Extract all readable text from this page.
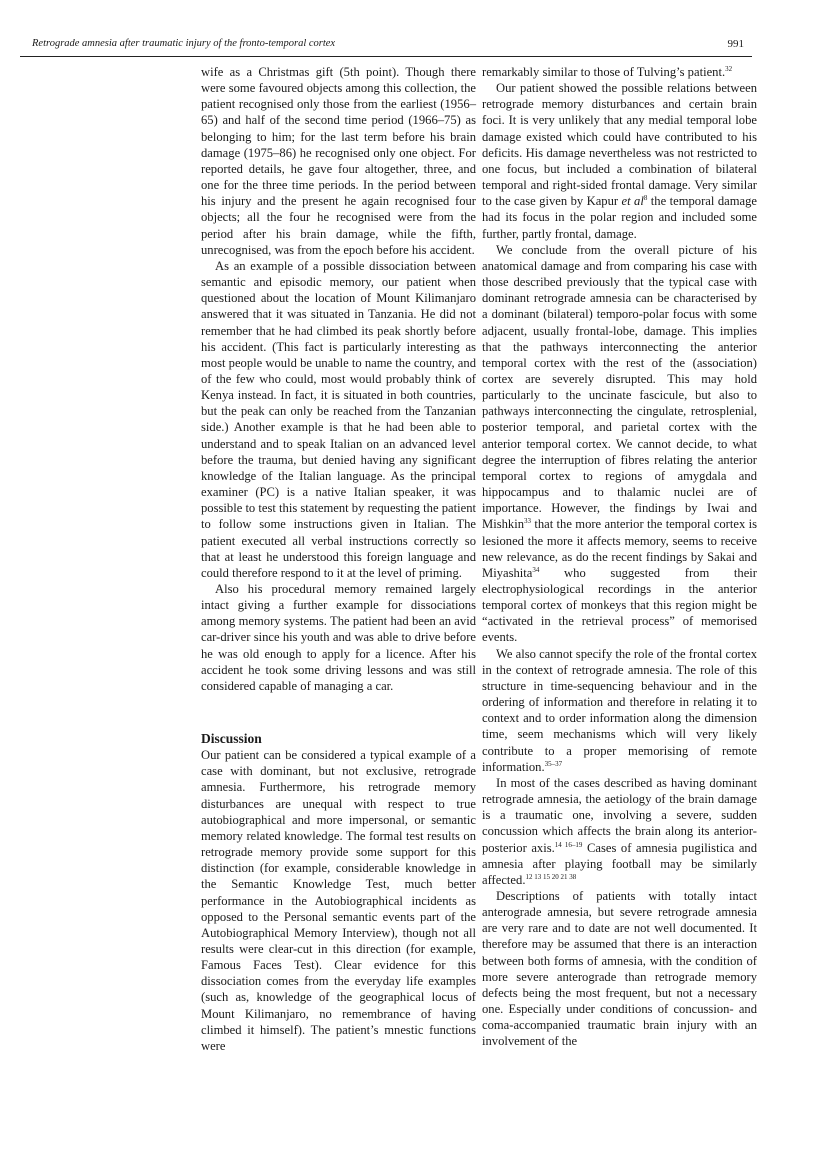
Retrograde amnesia after traumatic injury of the fronto-temporal cortex	991

wife as a Christmas gift (5th point). Though there were some favoured objects among this collection, the patient recognised only those from the earliest (1956–65) and half of the second time period (1966–75) as belonging to him; for the last term before his brain damage (1975–86) he recognised only one object. For reported details, he gave four altogether, three, and one for the three time periods. In the period between his injury and the present he again recognised four objects; all the four he recognised were from the period after his brain damage, while the fifth, unrecognised, was from the epoch before his accident.

As an example of a possible dissociation between semantic and episodic memory, our patient when questioned about the location of Mount Kilimanjaro answered that it was situated in Tanzania. He did not remember that he had climbed its peak shortly before his accident. (This fact is particularly interesting as most people would be unable to name the country, and of the few who could, most would probably think of Kenya instead. In fact, it is situated in both countries, but the peak can only be reached from the Tanzanian side.) Another example is that he had been able to understand and to speak Italian on an advanced level before the trauma, but denied having any significant knowledge of the Italian language. As the principal examiner (PC) is a native Italian speaker, it was possible to test this statement by requesting the patient to follow some instructions given in Italian. The patient executed all verbal instructions correctly so that at least he understood this foreign language and could therefore respond to it at the level of priming.

Also his procedural memory remained largely intact giving a further example for dissociations among memory systems. The patient had been an avid car-driver since his youth and was able to drive before he was old enough to apply for a licence. After his accident he took some driving lessons and was still considered capable of managing a car.

Discussion

Our patient can be considered a typical example of a case with dominant, but not exclusive, retrograde amnesia. Furthermore, his retrograde memory disturbances are unequal with respect to true autobiographical and more impersonal, or semantic memory related knowledge. The formal test results on retrograde memory provide some support for this distinction (for example, considerable knowledge in the Semantic Knowledge Test, much better performance in the Autobiographical incidents as opposed to the Personal semantic events part of the Autobiographical Memory Interview), though not all results were clear-cut in this direction (for example, Famous Faces Test). Clear evidence for this dissociation comes from the everyday life examples (such as, knowledge of the geographical locus of Mount Kilimanjaro, no remembrance of having climbed it himself). The patient’s mnestic functions were

remarkably similar to those of Tulving’s patient.$^{32}$

Our patient showed the possible relations between retrograde memory disturbances and certain brain foci. It is very unlikely that any medial temporal lobe damage existed which could have contributed to his deficits. His damage nevertheless was not restricted to one focus, but included a combination of bilateral temporal and right-sided frontal damage. Very similar to the case given by Kapur et $al^8$ the temporal damage had its focus in the polar region and included some further, partly frontal, damage.

We conclude from the overall picture of his anatomical damage and from comparing his case with those described previously that the typical case with dominant retrograde amnesia can be characterised by a dominant (bilateral) temporo-polar focus with some adjacent, usually frontal-lobe, damage. This implies that the pathways interconnecting the anterior temporal cortex with the rest of the (association) cortex are severely disrupted. This may hold particularly to the uncinate fascicule, but also to pathways interconnecting the cingulate, retrosplenial, posterior temporal, and parietal cortex with the anterior temporal cortex. We cannot decide, to what degree the interruption of fibres relating the anterior temporal cortex to regions of amygdala and hippocampus and to thalamic nuclei are of importance. However, the findings by Iwai and Mishkin$^{33}$ that the more anterior the temporal cortex is lesioned the more it affects memory, seems to receive new relevance, as do the recent findings by Sakai and Miyashita$^{34}$ who suggested from their electrophysiological recordings in the anterior temporal cortex of monkeys that this region might be “activated in the retrieval process” of memorised events.

We also cannot specify the role of the frontal cortex in the context of retrograde amnesia. The role of this structure in time-sequencing behaviour and in the ordering of information and therefore in relating it to context and to order information along the dimension time, seem mechanisms which will very likely contribute to a proper memorising of remote information.$^{35-37}$

In most of the cases described as having dominant retrograde amnesia, the aetiology of the brain damage is a traumatic one, involving a severe, sudden concussion which affects the brain along its anterior-posterior axis.$^{14 16-19}$ Cases of amnesia pugilistica and amnesia after playing football may be similarly affected.$^{12 13 15 20 21 38}$

Descriptions of patients with totally intact anterograde amnesia, but severe retrograde amnesia are very rare and to date are not well documented. It therefore may be assumed that there is an interaction between both forms of amnesia, with the condition of more severe anterograde than retrograde memory defects being the most frequent, but not a necessary one. Especially under conditions of concussion- and coma-accompanied traumatic brain injury with an involvement of the
